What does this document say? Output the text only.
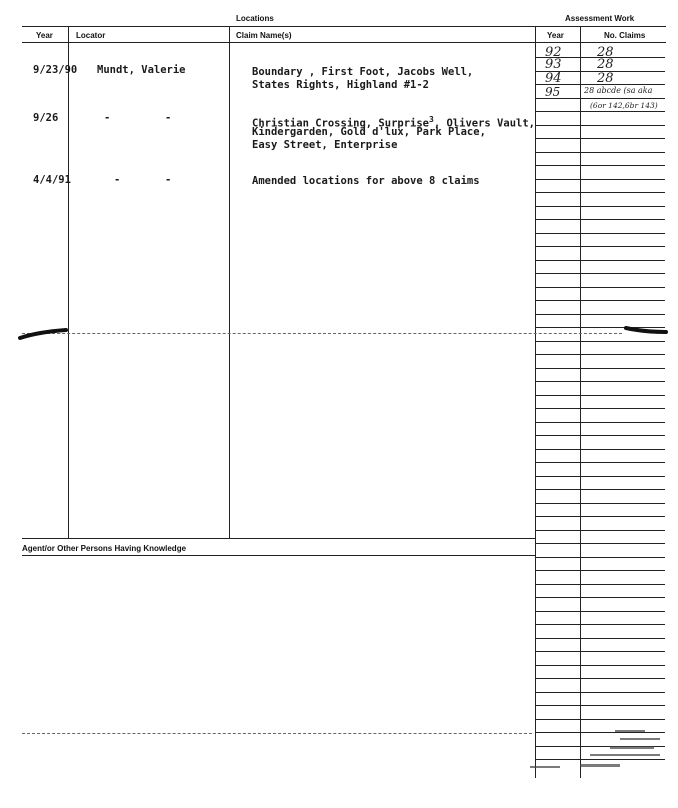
Locations	Assessment Work
Year	Locator	Claim Name(s)	Year	No. Claims
Agent/or Other Persons Having Knowledge
9/23/90 Mundt, Valerie	Boundary , First Foot, Jacobs Well,
States Rights, Highland #1-2
9/26	-	-	Christian Crossing, Surprise$^3$, Olivers Vault,
Kindergarden, Gold d'lux, Park Place,
Easy Street, Enterprise
4/4/91	-	-	Amended locations for above 8 claims
92	28
93	28
94	28
95	28 abcde (sa aka
(6or 142,6br 143)
